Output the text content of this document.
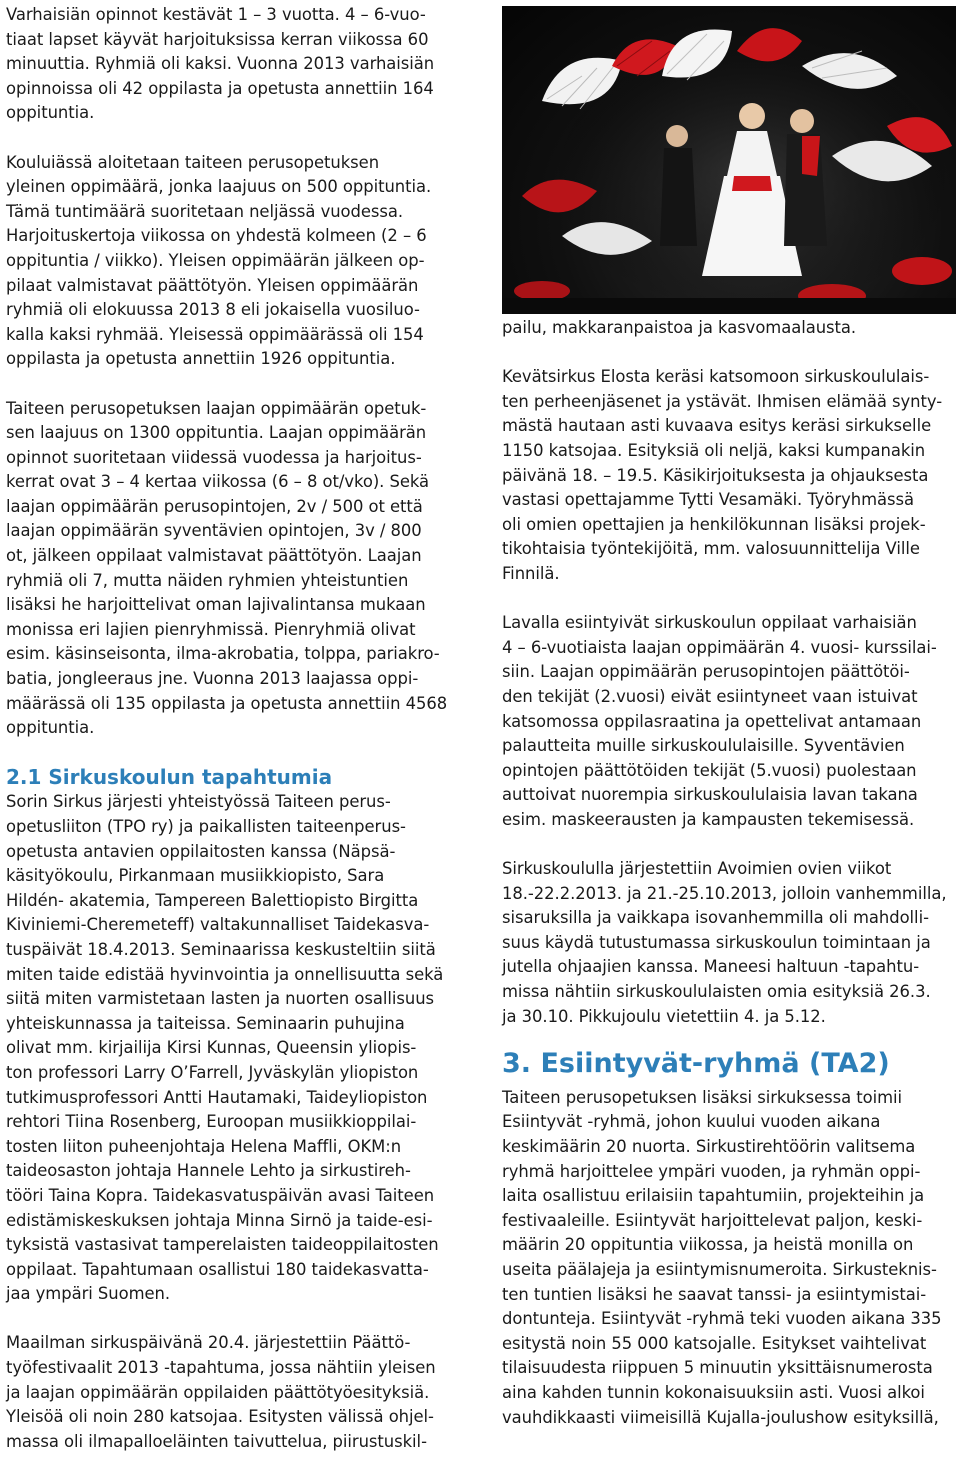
Varhaisiän opinnot kestävät 1 – 3 vuotta. 4 – 6-vuo-
tiaat lapset käyvät harjoituksissa kerran viikossa 60
minuuttia. Ryhmiä oli kaksi. Vuonna 2013 varhaisiän
opinnoissa oli 42 oppilasta ja opetusta annettiin 164
oppituntia.
Kouluiässä aloitetaan taiteen perusopetuksen
yleinen oppimäärä, jonka laajuus on 500 oppituntia.
Tämä tuntimäärä suoritetaan neljässä vuodessa.
Harjoituskertoja viikossa on yhdestä kolmeen (2 – 6
oppituntia / viikko). Yleisen oppimäärän jälkeen op-
pilaat valmistavat päättötyön. Yleisen oppimäärän
ryhmiä oli elokuussa 2013 8 eli jokaisella vuosiluo-
kalla kaksi ryhmää. Yleisessä oppimäärässä oli 154
oppilasta ja opetusta annettiin 1926 oppituntia.
Taiteen perusopetuksen laajan oppimäärän opetuk-
sen laajuus on 1300 oppituntia. Laajan oppimäärän
opinnot suoritetaan viidessä vuodessa ja harjoitus-
kerrat ovat 3 – 4 kertaa viikossa (6 – 8 ot/vko). Sekä
laajan oppimäärän perusopintojen, 2v / 500 ot että
laajan oppimäärän syventävien opintojen, 3v / 800
ot, jälkeen oppilaat valmistavat päättötyön. Laajan
ryhmiä oli 7, mutta näiden ryhmien yhteistuntien
lisäksi he harjoittelivat oman lajivalintansa mukaan
monissa eri lajien pienryhmissä. Pienryhmiä olivat
esim. käsinseisonta, ilma-akrobatia, tolppa, pariakro-
batia, jongleeraus jne. Vuonna 2013 laajassa oppi-
määrässä oli 135 oppilasta ja opetusta annettiin 4568
oppituntia.
2.1 Sirkuskoulun tapahtumia
Sorin Sirkus järjesti yhteistyössä Taiteen perus-
opetusliiton (TPO ry) ja paikallisten taiteenperus-
opetusta antavien oppilaitosten kanssa (Näpsä-
käsityökoulu, Pirkanmaan musiikkiopisto, Sara
Hildén- akatemia, Tampereen Balettiopisto Birgitta
Kiviniemi-Cheremeteff) valtakunnalliset Taidekasva-
tuspäivät 18.4.2013. Seminaarissa keskusteltiin siitä
miten taide edistää hyvinvointia ja onnellisuutta sekä
siitä miten varmistetaan lasten ja nuorten osallisuus
yhteiskunnassa ja taiteissa. Seminaarin puhujina
olivat mm. kirjailija Kirsi Kunnas, Queensin yliopis-
ton professori Larry O’Farrell, Jyväskylän yliopiston
tutkimusprofessori Antti Hautamaki, Taideyliopiston
rehtori Tiina Rosenberg, Euroopan musiikkioppilai-
tosten liiton puheenjohtaja Helena Maffli, OKM:n
taideosaston johtaja Hannele Lehto ja sirkustireh-
tööri Taina Kopra. Taidekasvatuspäivän avasi Taiteen
edistämiskeskuksen johtaja Minna Sirnö ja taide-esi-
tyksistä vastasivat tamperelaisten taideoppilaitosten
oppilaat. Tapahtumaan osallistui 180 taidekasvatta-
jaa ympäri Suomen.
Maailman sirkuspäivänä 20.4. järjestettiin Päättö-
työfestivaalit 2013 -tapahtuma, jossa nähtiin yleisen
ja laajan oppimäärän oppilaiden päättötyöesityksiä.
Yleisöä oli noin 280 katsojaa. Esitysten välissä ohjel-
massa oli ilmapalloeläinten taivuttelua, piirustuskil-
pailu, makkaranpaistoa ja kasvomaalausta.
Kevätsirkus Elosta keräsi katsomoon sirkuskoululais-
ten perheenjäsenet ja ystävät. Ihmisen elämää synty-
mästä hautaan asti kuvaava esitys keräsi sirkukselle
1150 katsojaa. Esityksiä oli neljä, kaksi kumpanakin
päivänä 18. – 19.5. Käsikirjoituksesta ja ohjauksesta
vastasi opettajamme Tytti Vesamäki. Työryhmässä
oli omien opettajien ja henkilökunnan lisäksi projek-
tikohtaisia työntekijöitä, mm. valosuunnittelija Ville
Finnilä.
Lavalla esiintyivät sirkuskoulun oppilaat varhaisiän
4 – 6-vuotiaista laajan oppimäärän 4. vuosi- kurssilai-
siin. Laajan oppimäärän perusopintojen päättötöi-
den tekijät (2.vuosi) eivät esiintyneet vaan istuivat
katsomossa oppilasraatina ja opettelivat antamaan
palautteita muille sirkuskoululaisille. Syventävien
opintojen päättötöiden tekijät (5.vuosi) puolestaan
auttoivat nuorempia sirkuskoululaisia lavan takana
esim. maskeerausten ja kampausten tekemisessä.
Sirkuskoululla järjestettiin Avoimien ovien viikot
18.-22.2.2013. ja 21.-25.10.2013, jolloin vanhemmilla,
sisaruksilla ja vaikkapa isovanhemmilla oli mahdolli-
suus käydä tutustumassa sirkuskoulun toimintaan ja
jutella ohjaajien kanssa. Maneesi haltuun -tapahtu-
missa nähtiin sirkuskoululaisten omia esityksiä 26.3.
ja 30.10. Pikkujoulu vietettiin 4. ja 5.12.
3. Esiintyvät-ryhmä (TA2)
Taiteen perusopetuksen lisäksi sirkuksessa toimii
Esiintyvät -ryhmä, johon kuului vuoden aikana
keskimäärin 20 nuorta. Sirkustirehtöörin valitsema
ryhmä harjoittelee ympäri vuoden, ja ryhmän oppi-
laita osallistuu erilaisiin tapahtumiin, projekteihin ja
festivaaleille. Esiintyvät harjoittelevat paljon, keski-
määrin 20 oppituntia viikossa, ja heistä monilla on
useita päälajeja ja esiintymisnumeroita. Sirkusteknis-
ten tuntien lisäksi he saavat tanssi- ja esiintymistai-
dontunteja. Esiintyvät -ryhmä teki vuoden aikana 335
esitystä noin 55 000 katsojalle. Esitykset vaihtelivat
tilaisuudesta riippuen 5 minuutin yksittäisnumerosta
aina kahden tunnin kokonaisuuksiin asti. Vuosi alkoi
vauhdikkaasti viimeisillä Kujalla-joulushow esityksillä,
